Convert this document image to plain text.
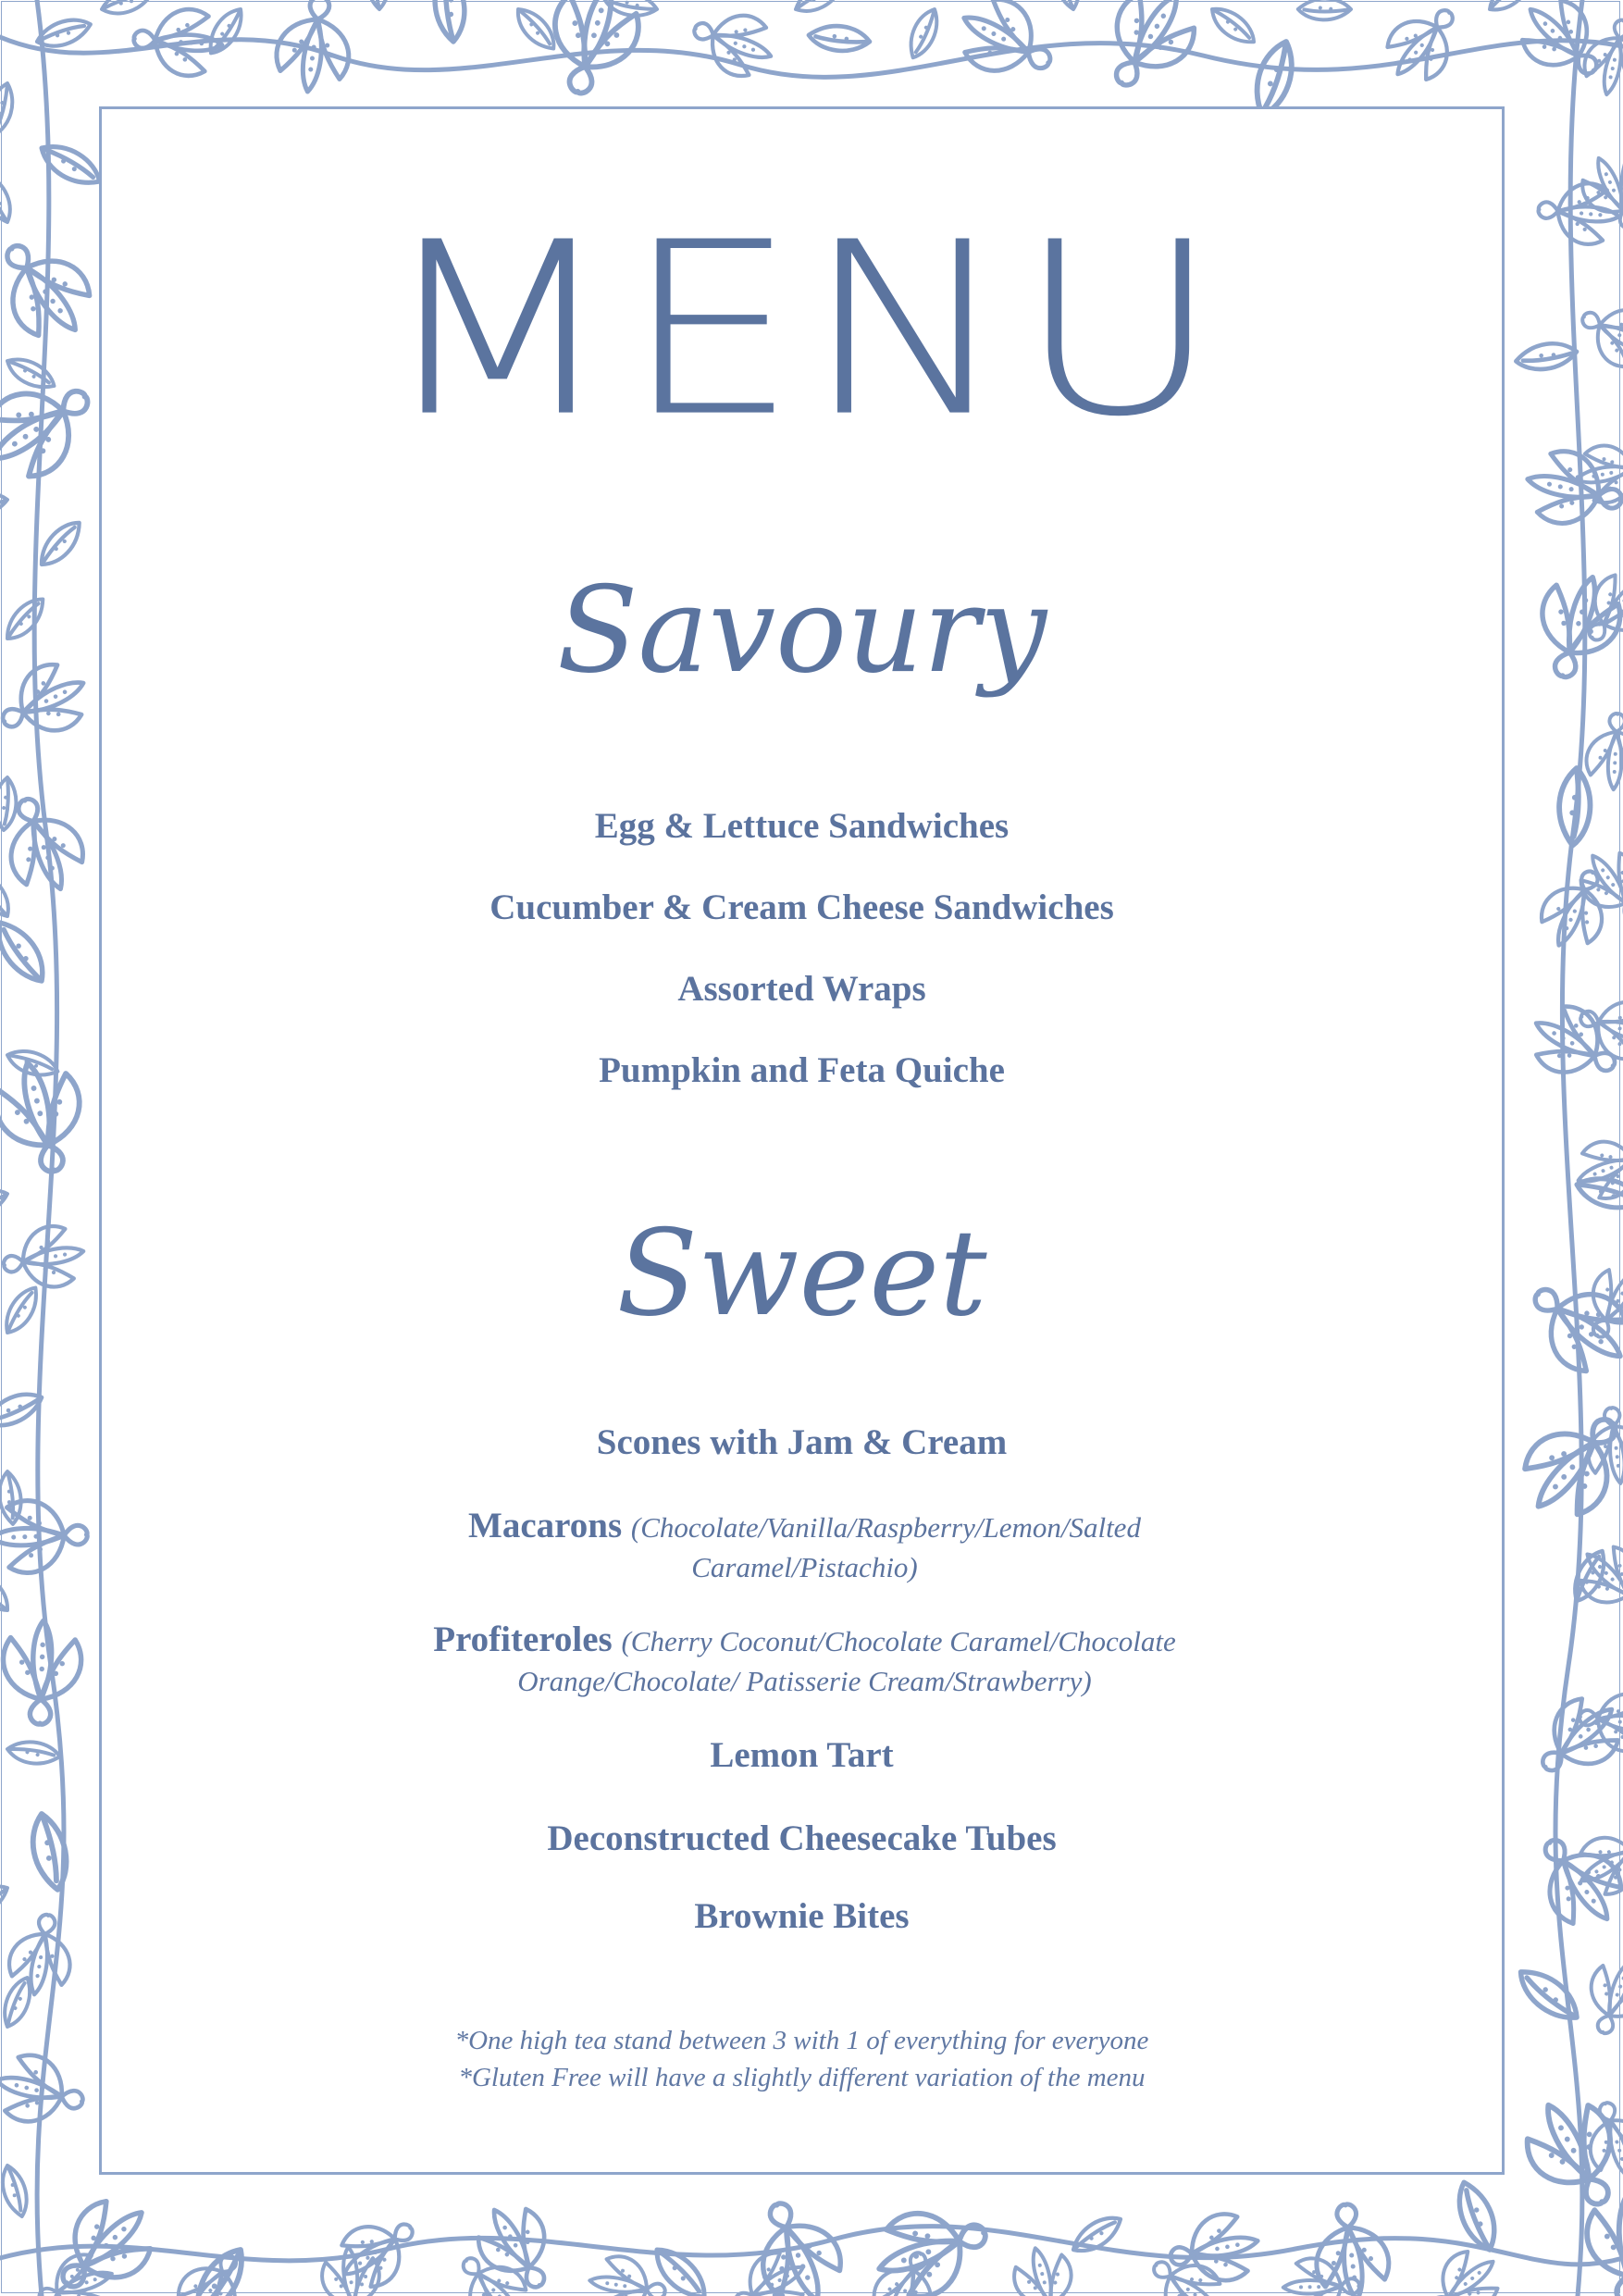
MENU
Savoury
Egg & Lettuce Sandwiches
Cucumber & Cream Cheese Sandwiches
Assorted Wraps
Pumpkin and Feta Quiche
Sweet
Scones with Jam & Cream
Macarons (Chocolate/Vanilla/Raspberry/Lemon/Salted Caramel/Pistachio)
Profiteroles (Cherry Coconut/Chocolate Caramel/Chocolate Orange/Chocolate/ Patisserie Cream/Strawberry)
Lemon Tart
Deconstructed Cheesecake Tubes
Brownie Bites
*One high tea stand between 3 with 1 of everything for everyone
*Gluten Free will have a slightly different variation of the menu
